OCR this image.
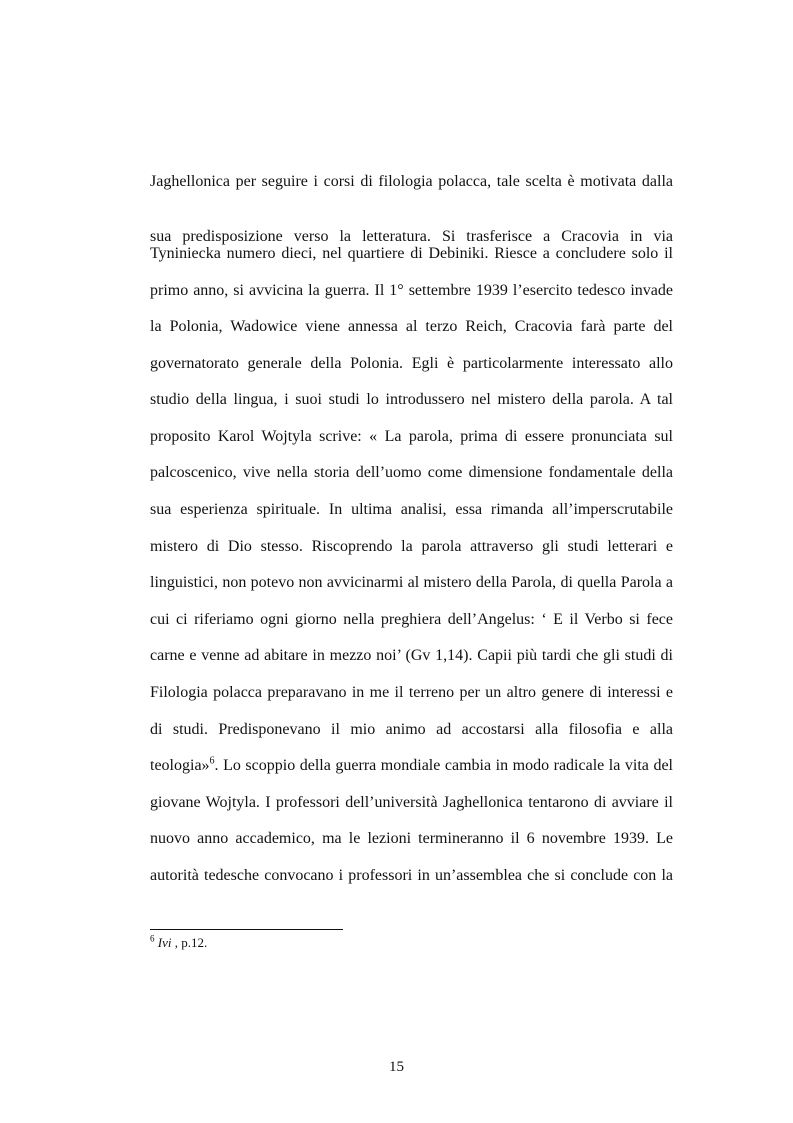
Jaghellonica per seguire i corsi di filologia polacca, tale scelta è motivata dalla
sua predisposizione verso la letteratura. Si trasferisce a Cracovia in via
Tyniniecka numero dieci, nel quartiere di Debiniki. Riesce a concludere solo il
primo anno, si avvicina la guerra. Il 1° settembre 1939 l’esercito tedesco invade
la Polonia, Wadowice viene annessa al terzo Reich, Cracovia farà parte del
governatorato generale della Polonia. Egli è particolarmente interessato allo
studio della lingua, i suoi studi lo introdussero nel mistero della parola. A tal
proposito Karol Wojtyla scrive: « La parola, prima di essere pronunciata sul
palcoscenico, vive nella storia dell’uomo come dimensione fondamentale della
sua esperienza spirituale. In ultima analisi, essa rimanda all’imperscrutabile
mistero di Dio stesso. Riscoprendo la parola attraverso gli studi letterari e
linguistici, non potevo non avvicinarmi al mistero della Parola, di quella Parola a
cui ci riferiamo ogni giorno nella preghiera dell’Angelus: ‘ E il Verbo si fece
carne e venne ad abitare in mezzo noi’ (Gv 1,14). Capii più tardi che gli studi di
Filologia polacca preparavano in me il terreno per un altro genere di interessi e
di studi. Predisponevano il mio animo ad accostarsi alla filosofia e alla
teologia»$^6$. Lo scoppio della guerra mondiale cambia in modo radicale la vita del
giovane Wojtyla. I professori dell’università Jaghellonica tentarono di avviare il
nuovo anno accademico, ma le lezioni termineranno il 6 novembre 1939. Le
autorità tedesche convocano i professori in un’assemblea che si conclude con la
$^6$ Ivi , p.12.
15
